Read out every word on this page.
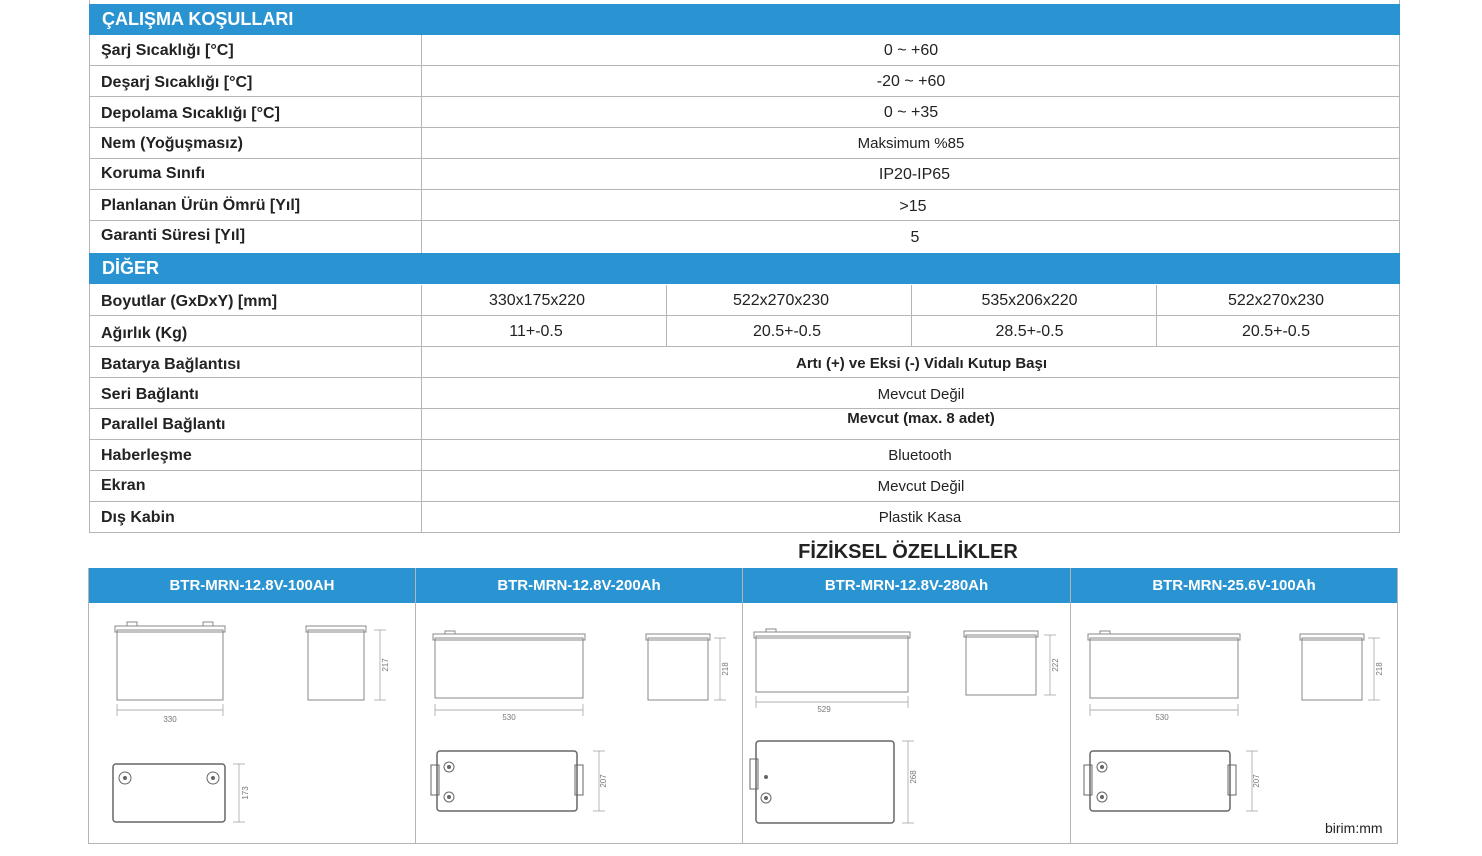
ÇALIŞMA KOŞULLARI
Şarj Sıcaklığı [°C]	0 ~ +60
Deşarj Sıcaklığı [°C]	-20 ~ +60
Depolama Sıcaklığı [°C]	0 ~ +35
Nem (Yoğuşmasız)	Maksimum %85
Koruma Sınıfı	IP20-IP65
Planlanan Ürün Ömrü [Yıl]	>15
Garanti Süresi [Yıl]	5
DİĞER
Boyutlar (GxDxY) [mm]	330x175x220	522x270x230	535x206x220	522x270x230
Ağırlık (Kg)	11+-0.5	20.5+-0.5	28.5+-0.5	20.5+-0.5
Batarya Bağlantısı	Artı (+) ve Eksi (-) Vidalı Kutup Başı
Seri Bağlantı	Mevcut Değil
Parallel Bağlantı	Mevcut (max. 8 adet)
Haberleşme	Bluetooth
Ekran	Mevcut Değil
Dış Kabin	Plastik Kasa
FİZİKSEL ÖZELLİKLER
BTR-MRN-12.8V-100AH	BTR-MRN-12.8V-200Ah	BTR-MRN-12.8V-280Ah	BTR-MRN-25.6V-100Ah
330
217
173
530
218
207
529
222
268
530
218
207
birim:mm
